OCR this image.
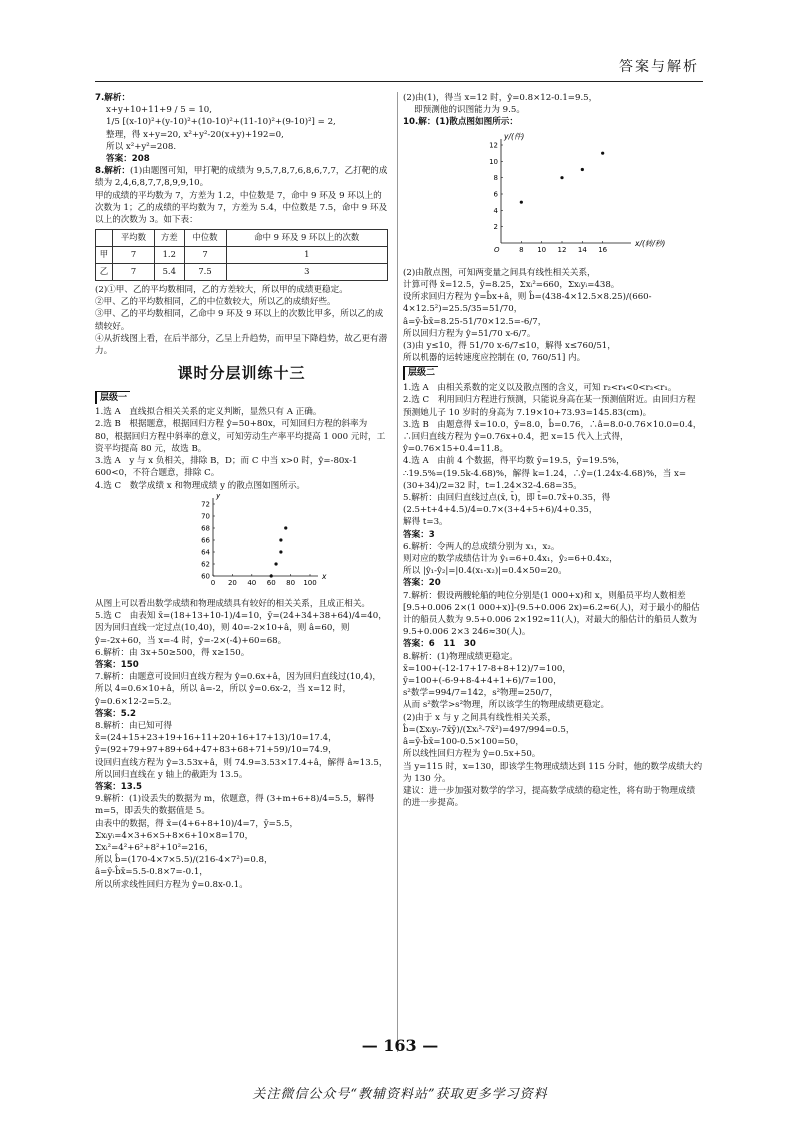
答案与解析

7.解析：

x+y+10+11+9 / 5 = 10,

1/5 [(x-10)²+(y-10)²+(10-10)²+(11-10)²+(9-10)²] = 2,

整理，得 x+y=20, x²+y²-20(x+y)+192=0,

所以 x²+y²=208.

答案：208

8.解析：(1)由题图可知，甲打靶的成绩为 9,5,7,8,7,6,8,6,7,7，乙打靶的成绩为 2,4,6,8,7,7,8,9,9,10。

甲的成绩的平均数为 7，方差为 1.2，中位数是 7，命中 9 环及 9 环以上的次数为 1；乙的成绩的平均数为 7，方差为 5.4，中位数是 7.5，命中 9 环及以上的次数为 3。如下表：

	平均数	方差	中位数	命中 9 环及 9 环以上的次数
甲	7	1.2	7	1
乙	7	5.4	7.5	3

(2)①甲、乙的平均数相同，乙的方差较大，所以甲的成绩更稳定。

②甲、乙的平均数相同，乙的中位数较大，所以乙的成绩好些。

③甲、乙的平均数相同，乙命中 9 环及 9 环以上的次数比甲多，所以乙的成绩较好。

④从折线图上看，在后半部分，乙呈上升趋势，而甲呈下降趋势，故乙更有潜力。

课时分层训练十三
层级一

1.选 A　直线拟合相关关系的定义判断，显然只有 A 正确。

2.选 B　根据题意，根据回归方程 ŷ=50+80x，可知回归方程的斜率为 80，根据回归方程中斜率的意义，可知劳动生产率平均提高 1 000 元时，工资平均提高 80 元，故选 B。

3.选 A　y 与 x 负相关，排除 B，D；而 C 中当 x>0 时，ŷ=-80x-1 600<0，不符合题意，排除 C。

4.选 C　数学成绩 x 和物理成绩 y 的散点图如图所示。

0 20 40 60 80 100
60
62
64
66
68
70
72
x
y

从图上可以看出数学成绩和物理成绩具有较好的相关关系，且成正相关。

5.选 C　由表知 x̄=(18+13+10-1)/4=10，ȳ=(24+34+38+64)/4=40，因为回归直线一定过点(10,40)，则 40=-2×10+â，则 â=60，则 ŷ=-2x+60，当 x=-4 时，ŷ=-2×(-4)+60=68。

6.解析：由 3x+50≥500，得 x≥150。

答案：150

7.解析：由题意可设回归直线方程为 ŷ=0.6x+â，因为回归直线过(10,4)，所以 4=0.6×10+â，所以 â=-2，所以 ŷ=0.6x-2，当 x=12 时，ŷ=0.6×12-2=5.2。

答案：5.2

8.解析：由已知可得

x̄=(24+15+23+19+16+11+20+16+17+13)/10=17.4，

ȳ=(92+79+97+89+64+47+83+68+71+59)/10=74.9，

设回归直线方程为 ŷ=3.53x+â，则 74.9=3.53×17.4+â，解得 â≈13.5，所以回归直线在 y 轴上的截距为 13.5。

答案：13.5

9.解析：(1)设丢失的数据为 m，依题意，得 (3+m+6+8)/4=5.5，解得 m=5，即丢失的数据值是 5。

由表中的数据，得 x̄=(4+6+8+10)/4=7，ȳ=5.5，

Σxᵢyᵢ=4×3+6×5+8×6+10×8=170，

Σxᵢ²=4²+6²+8²+10²=216，

所以 b̂=(170-4×7×5.5)/(216-4×7²)=0.8，

â=ȳ-b̂x̄=5.5-0.8×7=-0.1，

所以所求线性回归方程为 ŷ=0.8x-0.1。

(2)由(1)，得当 x=12 时，ŷ=0.8×12-0.1=9.5，

即预测他的识图能力为 9.5。

10.解：(1)散点图如图所示：

8 10 12 14 16
2
4
6
8
10
12
x/(转/秒)
y/(件)
O

(2)由散点图，可知两变量之间具有线性相关关系，

计算可得 x̄=12.5，ȳ=8.25，Σxᵢ²=660，Σxᵢyᵢ=438。

设所求回归方程为 ŷ=b̂x+â，则 b̂=(438-4×12.5×8.25)/(660-4×12.5²)=25.5/35=51/70，

â=ȳ-b̂x̄=8.25-51/70×12.5=-6/7，

所以回归方程为 ŷ=51/70 x-6/7。

(3)由 y≤10，得 51/70 x-6/7≤10，解得 x≤760/51，

所以机器的运转速度应控制在 (0, 760/51] 内。

层级二

1.选 A　由相关系数的定义以及散点图的含义，可知 r₂<r₄<0<r₃<r₁。

2.选 C　利用回归方程进行预测，只能说身高在某一预测值附近。由回归方程预测她儿子 10 岁时的身高为 7.19×10+73.93=145.83(cm)。

3.选 B　由题意得 x̄=10.0，ȳ=8.0，b̂=0.76，∴â=8.0-0.76×10.0=0.4，∴回归直线方程为 ŷ=0.76x+0.4，把 x=15 代入上式得，ŷ=0.76×15+0.4=11.8。

4.选 A　由前 4 个数据，得平均数 ȳ=19.5，ȳ=19.5%，

∴19.5%=(19.5k-4.68)%，解得 k=1.24，∴ŷ=(1.24x-4.68)%，当 x=(30+34)/2=32 时，t=1.24×32-4.68=35。

5.解析：由回归直线过点(x̄, t̄)，即 t̄=0.7x̄+0.35，得 (2.5+t+4+4.5)/4=0.7×(3+4+5+6)/4+0.35，

解得 t=3。

答案：3

6.解析：令两人的总成绩分别为 x₁，x₂。

则对应的数学成绩估计为 ŷ₁=6+0.4x₁，ŷ₂=6+0.4x₂，

所以 |ŷ₁-ŷ₂|=|0.4(x₁-x₂)|=0.4×50=20。

答案：20

7.解析：假设两艘轮船的吨位分别是(1 000+x)和 x，则船员平均人数相差[9.5+0.006 2×(1 000+x)]-(9.5+0.006 2x)=6.2≈6(人)，对于最小的船估计的船员人数为 9.5+0.006 2×192≈11(人)，对最大的船估计的船员人数为 9.5+0.006 2×3 246≈30(人)。

答案：6　11　30

8.解析：(1)物理成绩更稳定。

x̄=100+(-12-17+17-8+8+12)/7=100，

ȳ=100+(-6-9+8-4+4+1+6)/7=100，

s²数学=994/7=142，s²物理=250/7，

从而 s²数学>s²物理，所以该学生的物理成绩更稳定。

(2)由于 x 与 y 之间具有线性相关关系，

b̂=(Σxᵢyᵢ-7x̄ȳ)/(Σxᵢ²-7x̄²)=497/994=0.5，

â=ȳ-b̂x̄=100-0.5×100=50，

所以线性回归方程为 ŷ=0.5x+50。

当 y=115 时，x=130，即该学生物理成绩达到 115 分时，他的数学成绩大约为 130 分。

建议：进一步加强对数学的学习，提高数学成绩的稳定性，将有助于物理成绩的进一步提高。

— 163 —
关注微信公众号“教辅资料站”获取更多学习资料
